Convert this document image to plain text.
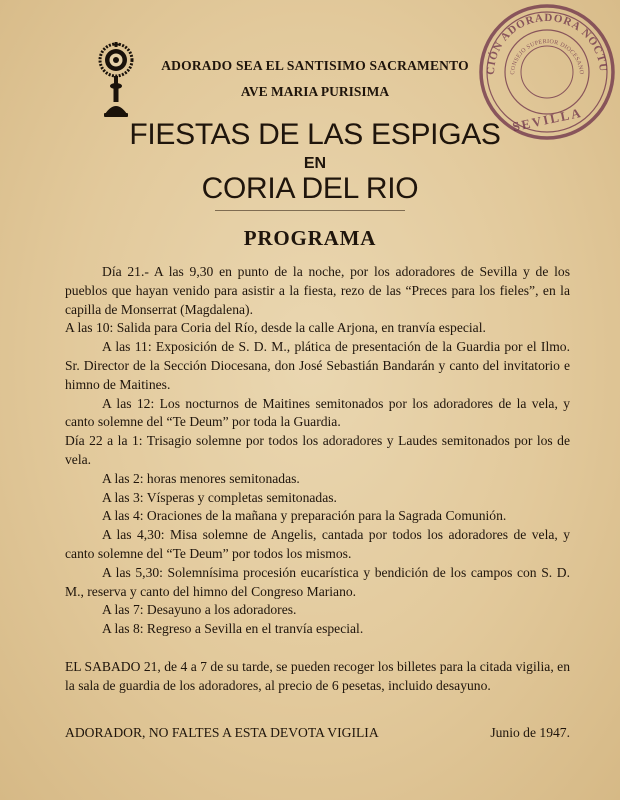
ADORADO SEA EL SANTISIMO SACRAMENTO
AVE MARIA PURISIMA
CIÓN ADORADORA NOCTU
CONSEJO SUPERIOR DIOCESANO
SEVILLA
FIESTAS DE LAS ESPIGAS
EN
CORIA DEL RIO
PROGRAMA

Día 21.- A las 9,30 en punto de la noche, por los adoradores de Sevilla y de los pueblos que hayan venido para asistir a la fiesta, rezo de las “Preces para los fieles”, en la capilla de Monserrat (Magdalena).

A las 10: Salida para Coria del Río, desde la calle Arjona, en tranvía especial.

A las 11: Exposición de S. D. M., plática de presentación de la Guardia por el Ilmo. Sr. Director de la Sección Diocesana, don José Sebastián Bandarán y canto del invitatorio e himno de Maitines.

A las 12: Los nocturnos de Maitines semitonados por los adoradores de la vela, y canto solemne del “Te Deum” por toda la Guardia.

Día 22 a la 1: Trisagio solemne por todos los adoradores y Laudes semitonados por los de vela.

A las 2: horas menores semitonadas.

A las 3: Vísperas y completas semitonadas.

A las 4: Oraciones de la mañana y preparación para la Sagrada Comunión.

A las 4,30: Misa solemne de Angelis, cantada por todos los adoradores de vela, y canto solemne del “Te Deum” por todos los mismos.

A las 5,30: Solemnísima procesión eucarística y bendición de los campos con S. D. M., reserva y canto del himno del Congreso Mariano.

A las 7: Desayuno a los adoradores.

A las 8: Regreso a Sevilla en el tranvía especial.

EL SABADO 21, de 4 a 7 de su tarde, se pueden recoger los billetes para la citada vigilia, en la sala de guardia de los adoradores, al precio de 6 pesetas, incluido desayuno.

ADORADOR, NO FALTES A ESTA DEVOTA VIGILIA	Junio de 1947.
